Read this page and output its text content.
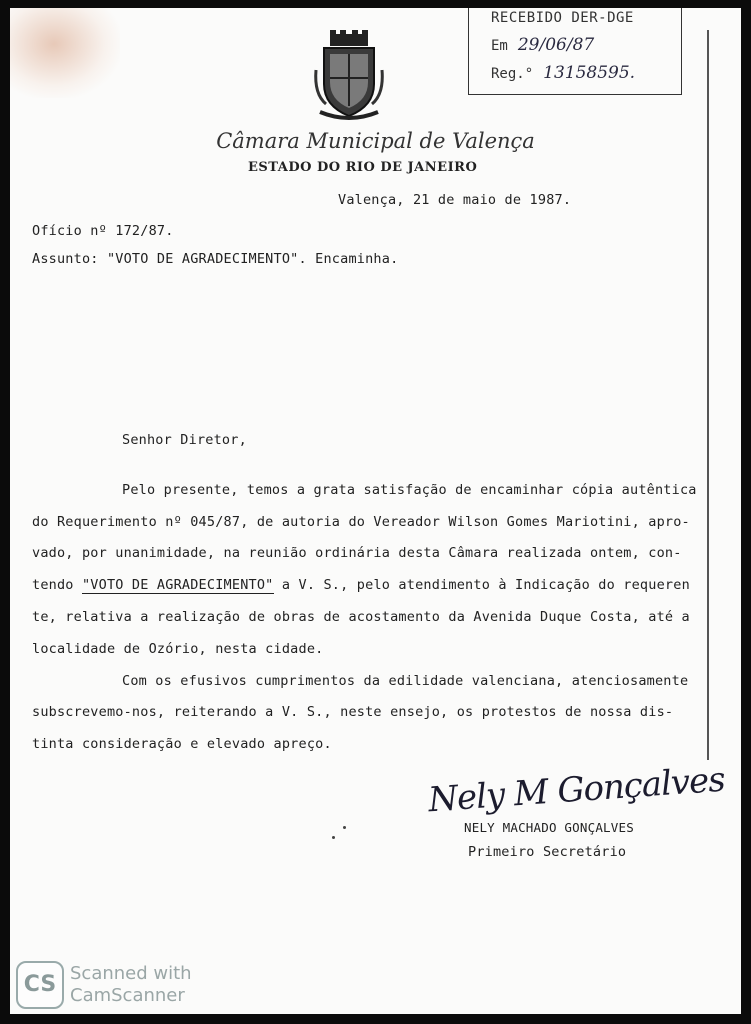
RECEBIDO DER-DGE
Em 29/06/87
Reg.° 13158595.
Câmara Municipal de Valença
ESTADO DO RIO DE JANEIRO
Valença, 21 de maio de 1987.
Ofício nº 172/87.
Assunto: "VOTO DE AGRADECIMENTO". Encaminha.
Senhor Diretor,
Pelo presente, temos a grata satisfação de encaminhar cópia autêntica
do Requerimento nº 045/87, de autoria do Vereador Wilson Gomes Mariotini, apro-
vado, por unanimidade, na reunião ordinária desta Câmara realizada ontem, con-
tendo "VOTO DE AGRADECIMENTO" a V. S., pelo atendimento à Indicação do requeren
te, relativa a realização de obras de acostamento da Avenida Duque Costa, até a
localidade de Ozório, nesta cidade.
Com os efusivos cumprimentos da edilidade valenciana, atenciosamente
subscrevemo-nos, reiterando a V. S., neste ensejo, os protestos de nossa dis-
tinta consideração e elevado apreço.
Nely M Gonçalves
NELY MACHADO GONÇALVES
Primeiro Secretário
CS Scanned with
CamScanner
